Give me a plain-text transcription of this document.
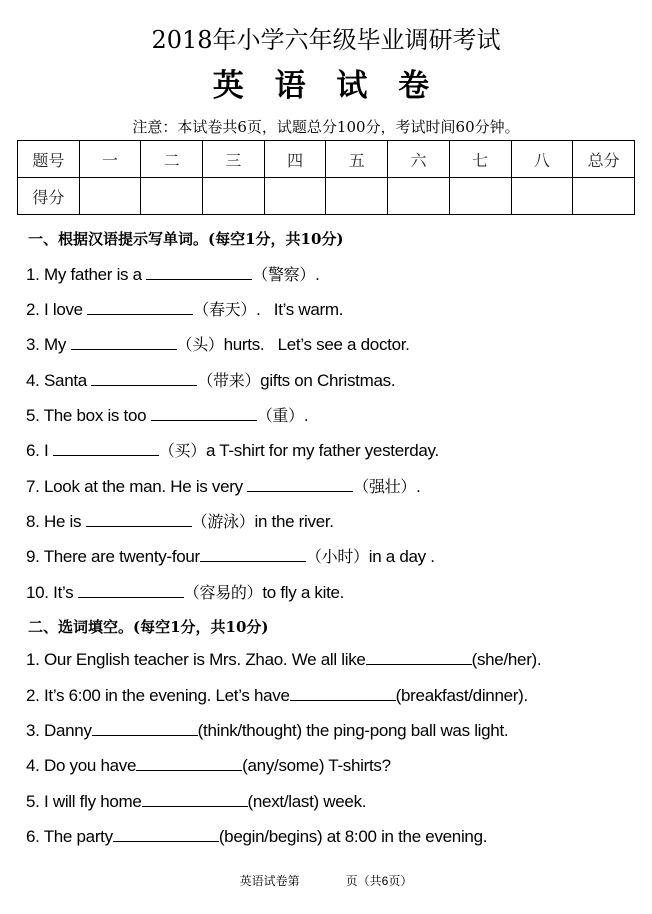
2018年小学六年级毕业调研考试
英 语 试 卷
注意：本试卷共6页，试题总分100分，考试时间60分钟。
题号	一	二	三	四	五	六	七	八	总分
得分									
一、根据汉语提示写单词。(每空1分，共10分)
1. My father is a	（警察）.
2. I love	（春天）.   It’s warm.
3. My	（头）hurts.   Let’s see a doctor.
4. Santa	（带来）gifts on Christmas.
5. The box is too	（重）.
6. I	（买）a T-shirt for my father yesterday.
7. Look at the man. He is very	（强壮）.
8. He is	（游泳）in the river.
9. There are twenty-four	（小时）in a day .
10. It’s	（容易的）to fly a kite.
二、选词填空。(每空1分，共10分)
1. Our English teacher is Mrs. Zhao. We all like	(she/her).
2. It’s 6:00 in the evening. Let’s have	(breakfast/dinner).
3. Danny	(think/thought) the ping-pong ball was light.
4. Do you have	(any/some) T-shirts?
5. I will fly home	(next/last) week.
6. The party	(begin/begins) at 8:00 in the evening.
英语试卷第	页（共6页）
